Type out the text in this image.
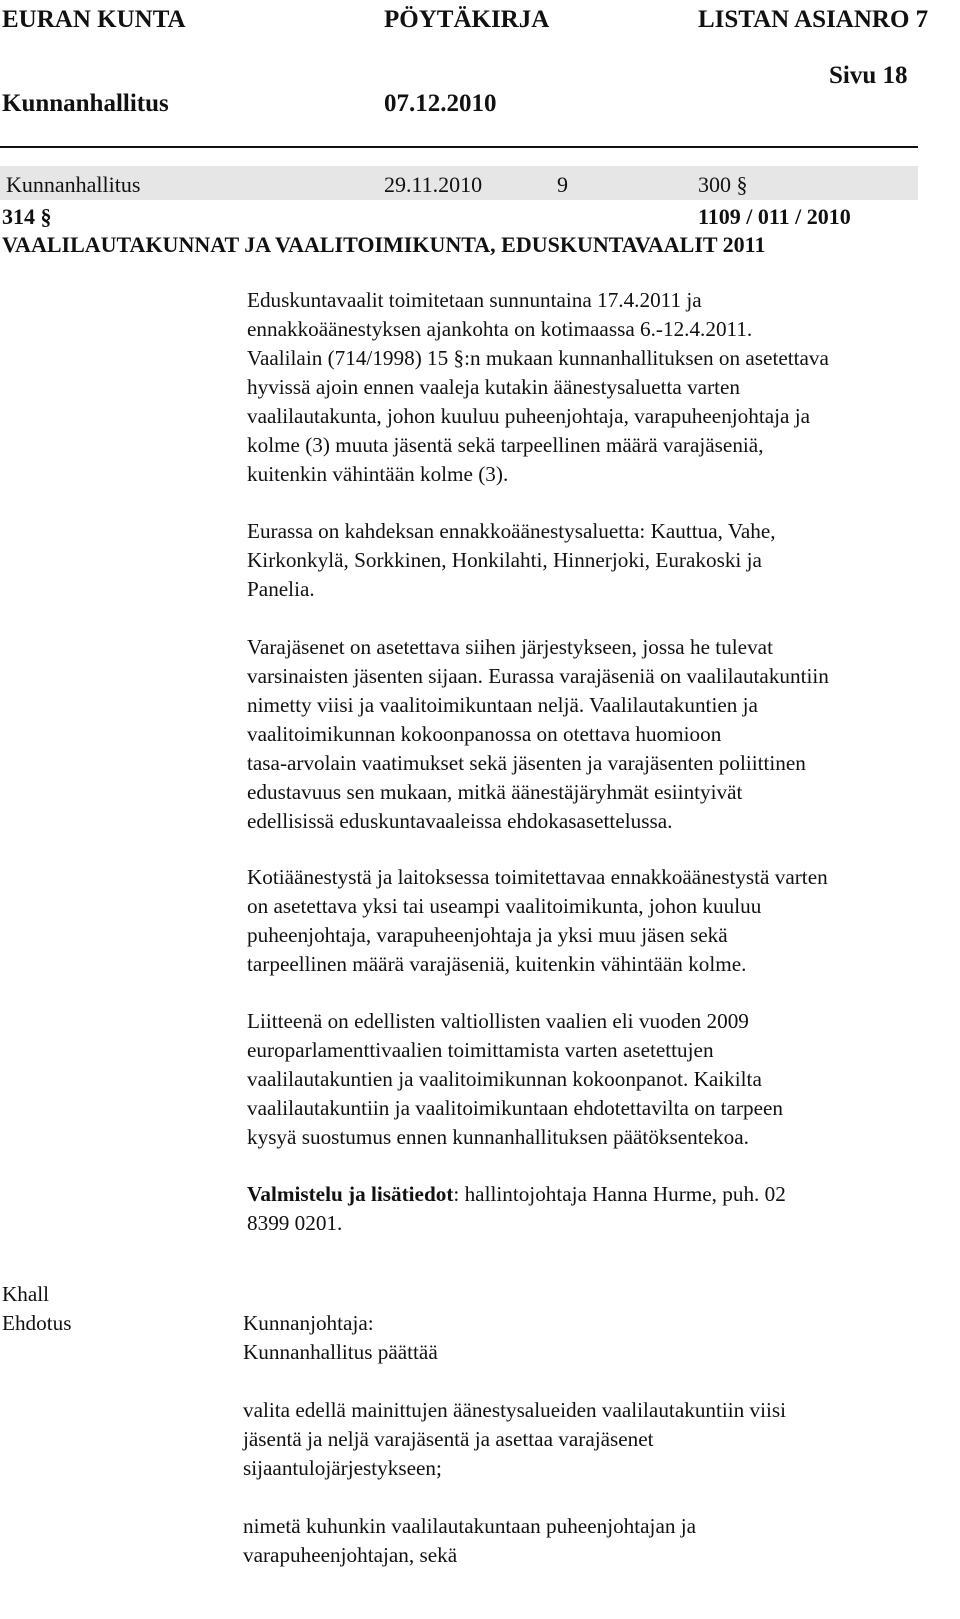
EURAN KUNTA	PÖYTÄKIRJA	LISTAN ASIANRO 7
Sivu 18
Kunnanhallitus	07.12.2010
Kunnanhallitus	29.11.2010	9	300 §
314 §	1109 / 011 / 2010
VAALILAUTAKUNNAT JA VAALITOIMIKUNTA, EDUSKUNTAVAALIT 2011
Eduskuntavaalit toimitetaan sunnuntaina 17.4.2011 ja
ennakkoäänestyksen ajankohta on kotimaassa 6.-12.4.2011.
Vaalilain (714/1998) 15 §:n mukaan kunnanhallituksen on asetettava
hyvissä ajoin ennen vaaleja kutakin äänestysaluetta varten
vaalilautakunta, johon kuuluu puheenjohtaja, varapuheenjohtaja ja
kolme (3) muuta jäsentä sekä tarpeellinen määrä varajäseniä,
kuitenkin vähintään kolme (3).
Eurassa on kahdeksan ennakkoäänestysaluetta: Kauttua, Vahe,
Kirkonkylä, Sorkkinen, Honkilahti, Hinnerjoki, Eurakoski ja
Panelia.
Varajäsenet on asetettava siihen järjestykseen, jossa he tulevat
varsinaisten jäsenten sijaan. Eurassa varajäseniä on vaalilautakuntiin
nimetty viisi ja vaalitoimikuntaan neljä. Vaalilautakuntien ja
vaalitoimikunnan kokoonpanossa on otettava huomioon
tasa-arvolain vaatimukset sekä jäsenten ja varajäsenten poliittinen
edustavuus sen mukaan, mitkä äänestäjäryhmät esiintyivät
edellisissä eduskuntavaaleissa ehdokasasettelussa.
Kotiäänestystä ja laitoksessa toimitettavaa ennakkoäänestystä varten
on asetettava yksi tai useampi vaalitoimikunta, johon kuuluu
puheenjohtaja, varapuheenjohtaja ja yksi muu jäsen sekä
tarpeellinen määrä varajäseniä, kuitenkin vähintään kolme.
Liitteenä on edellisten valtiollisten vaalien eli vuoden 2009
europarlamenttivaalien toimittamista varten asetettujen
vaalilautakuntien ja vaalitoimikunnan kokoonpanot. Kaikilta
vaalilautakuntiin ja vaalitoimikuntaan ehdotettavilta on tarpeen
kysyä suostumus ennen kunnanhallituksen päätöksentekoa.
Valmistelu ja lisätiedot: hallintojohtaja Hanna Hurme, puh. 02
8399 0201.
Khall
Ehdotus	Kunnanjohtaja:
Kunnanhallitus päättää
valita edellä mainittujen äänestysalueiden vaalilautakuntiin viisi
jäsentä ja neljä varajäsentä ja asettaa varajäsenet
sijaantulojärjestykseen;
nimetä kuhunkin vaalilautakuntaan puheenjohtajan ja
varapuheenjohtajan, sekä
